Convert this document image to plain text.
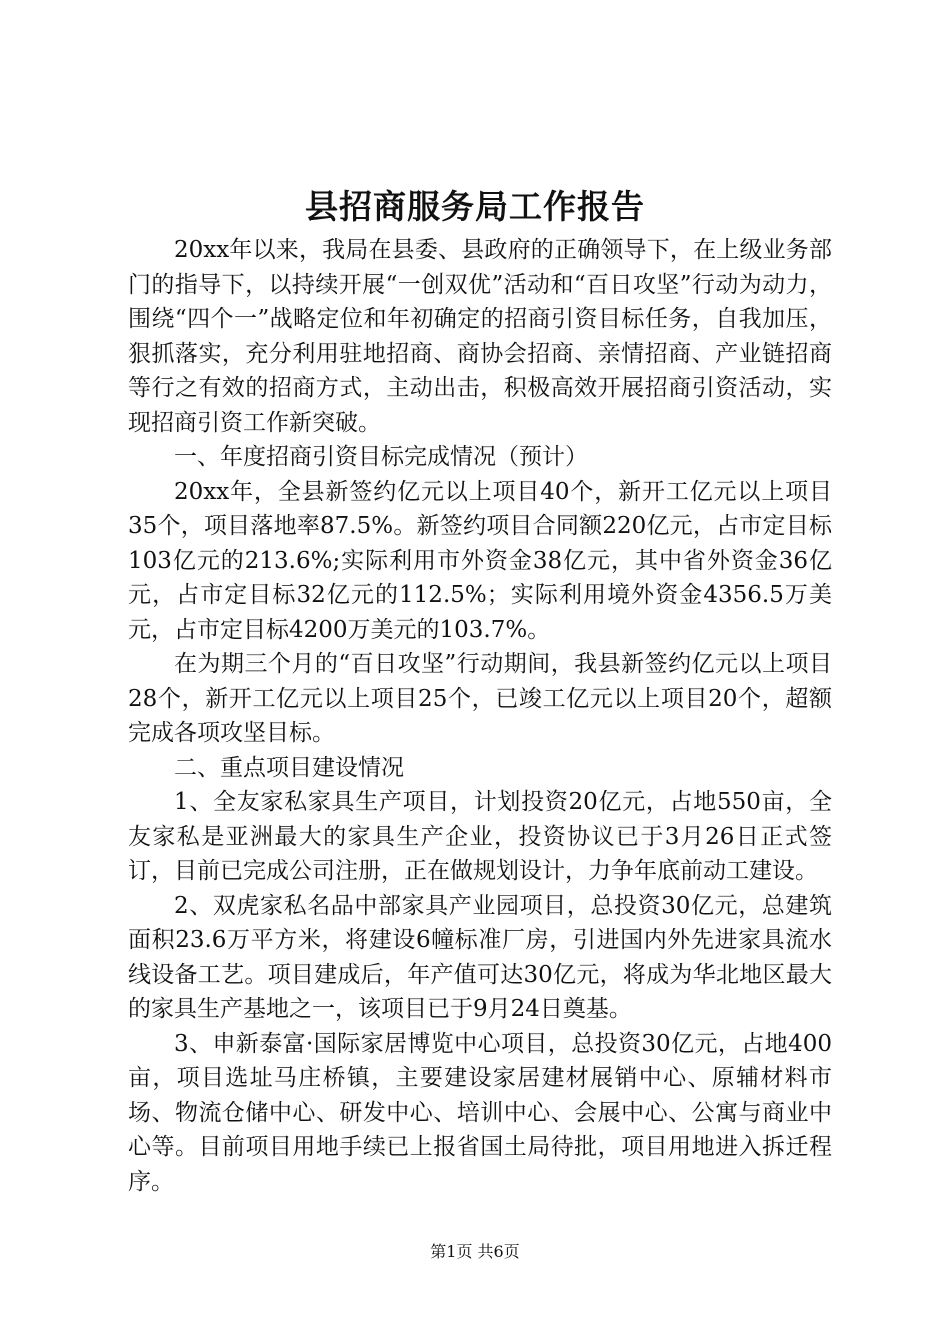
县招商服务局工作报告

20xx年以来，我局在县委、县政府的正确领导下，在上级业务部门的指导下，以持续开展“一创双优”活动和“百日攻坚”行动为动力，围绕“四个一”战略定位和年初确定的招商引资目标任务，自我加压，狠抓落实，充分利用驻地招商、商协会招商、亲情招商、产业链招商等行之有效的招商方式，主动出击，积极高效开展招商引资活动，实现招商引资工作新突破。

一、年度招商引资目标完成情况（预计）

20xx年，全县新签约亿元以上项目40个，新开工亿元以上项目35个，项目落地率87.5%。新签约项目合同额220亿元，占市定目标103亿元的213.6%;实际利用市外资金38亿元，其中省外资金36亿元，占市定目标32亿元的112.5%；实际利用境外资金4356.5万美元，占市定目标4200万美元的103.7%。

在为期三个月的“百日攻坚”行动期间，我县新签约亿元以上项目28个，新开工亿元以上项目25个，已竣工亿元以上项目20个，超额完成各项攻坚目标。

二、重点项目建设情况

1、全友家私家具生产项目，计划投资20亿元，占地550亩，全友家私是亚洲最大的家具生产企业，投资协议已于3月26日正式签订，目前已完成公司注册，正在做规划设计，力争年底前动工建设。

2、双虎家私名品中部家具产业园项目，总投资30亿元，总建筑面积23.6万平方米，将建设6幢标准厂房，引进国内外先进家具流水线设备工艺。项目建成后，年产值可达30亿元，将成为华北地区最大的家具生产基地之一，该项目已于9月24日奠基。

3、申新泰富·国际家居博览中心项目，总投资30亿元，占地400亩，项目选址马庄桥镇，主要建设家居建材展销中心、原辅材料市场、物流仓储中心、研发中心、培训中心、会展中心、公寓与商业中心等。目前项目用地手续已上报省国土局待批，项目用地进入拆迁程序。

第1页 共6页
